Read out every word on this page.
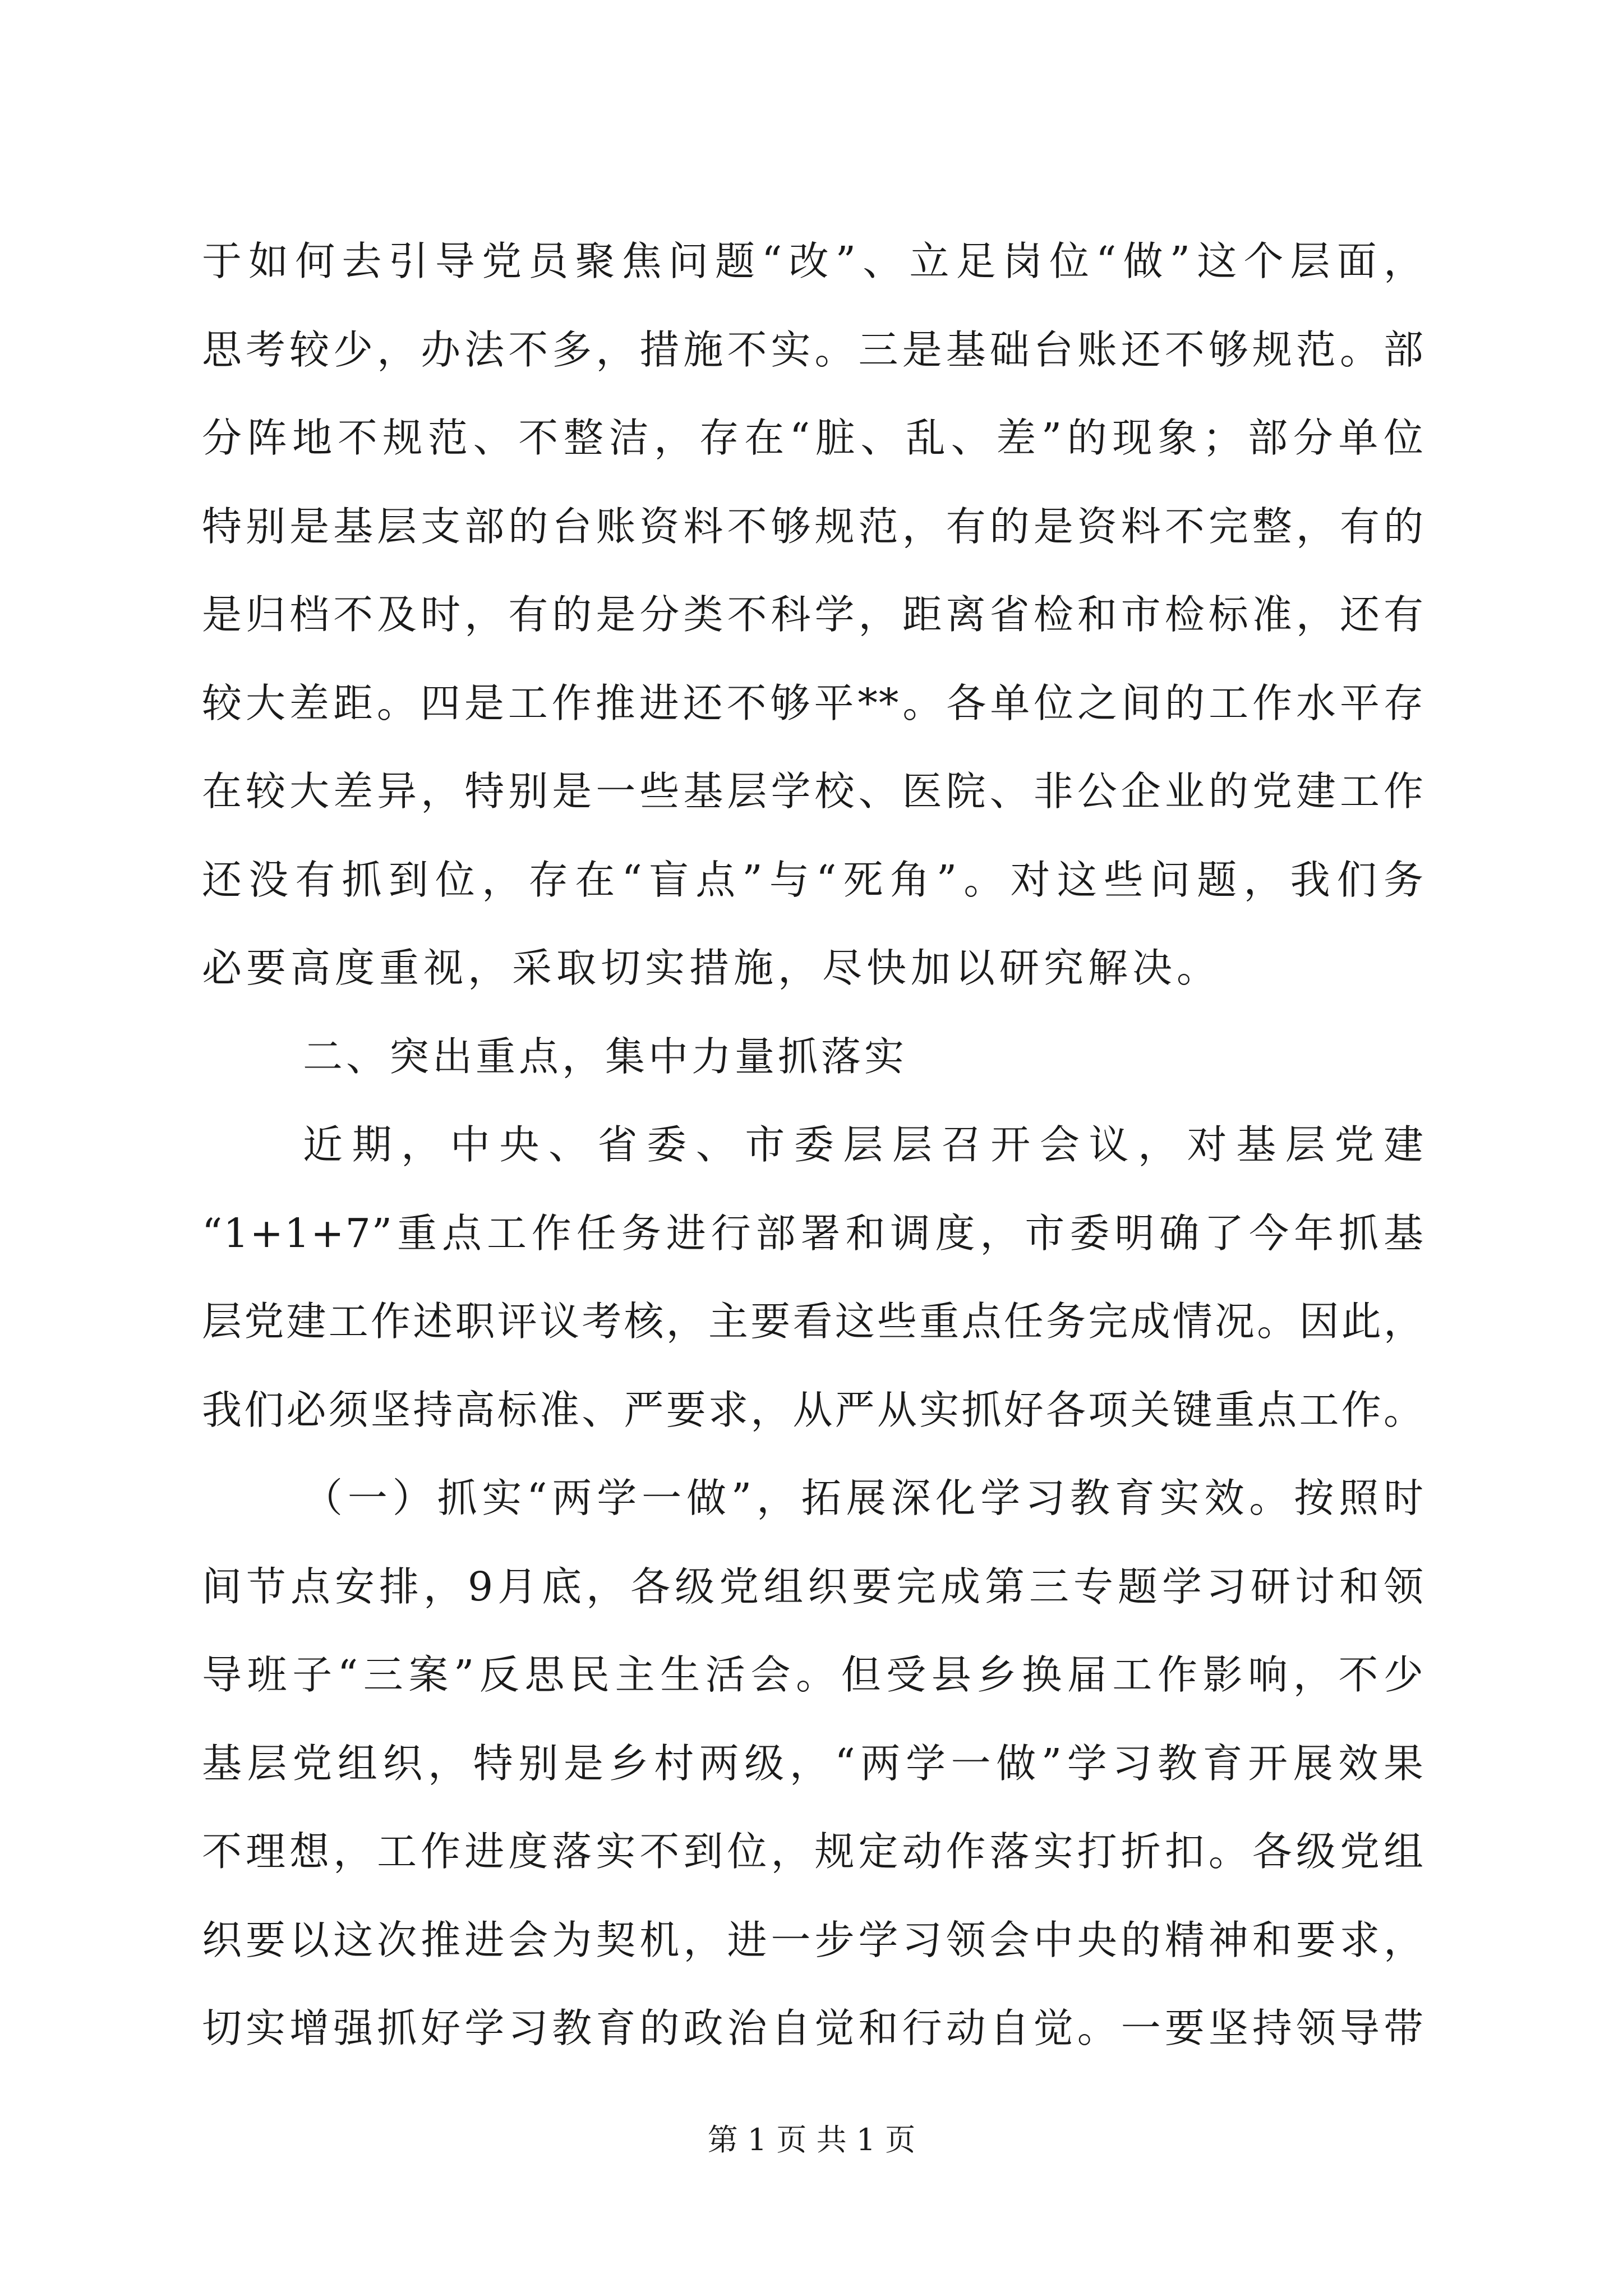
于如何去引导党员聚焦问题“改”、立足岗位“做”这个层面，
思考较少，办法不多，措施不实。三是基础台账还不够规范。部
分阵地不规范、不整洁，存在“脏、乱、差”的现象；部分单位
特别是基层支部的台账资料不够规范，有的是资料不完整，有的
是归档不及时，有的是分类不科学，距离省检和市检标准，还有
较大差距。四是工作推进还不够平**。各单位之间的工作水平存
在较大差异，特别是一些基层学校、医院、非公企业的党建工作
还没有抓到位，存在“盲点”与“死角”。对这些问题，我们务
必要高度重视，采取切实措施，尽快加以研究解决。
二、突出重点，集中力量抓落实
近期，中央、省委、市委层层召开会议，对基层党建
“1+1+7”重点工作任务进行部署和调度，市委明确了今年抓基
层党建工作述职评议考核，主要看这些重点任务完成情况。因此，
我们必须坚持高标准、严要求，从严从实抓好各项关键重点工作。
（一）抓实“两学一做”，拓展深化学习教育实效。按照时
间节点安排，9月底，各级党组织要完成第三专题学习研讨和领
导班子“三案”反思民主生活会。但受县乡换届工作影响，不少
基层党组织，特别是乡村两级，“两学一做”学习教育开展效果
不理想，工作进度落实不到位，规定动作落实打折扣。各级党组
织要以这次推进会为契机，进一步学习领会中央的精神和要求，
切实增强抓好学习教育的政治自觉和行动自觉。一要坚持领导带
第 1 页 共 1 页
